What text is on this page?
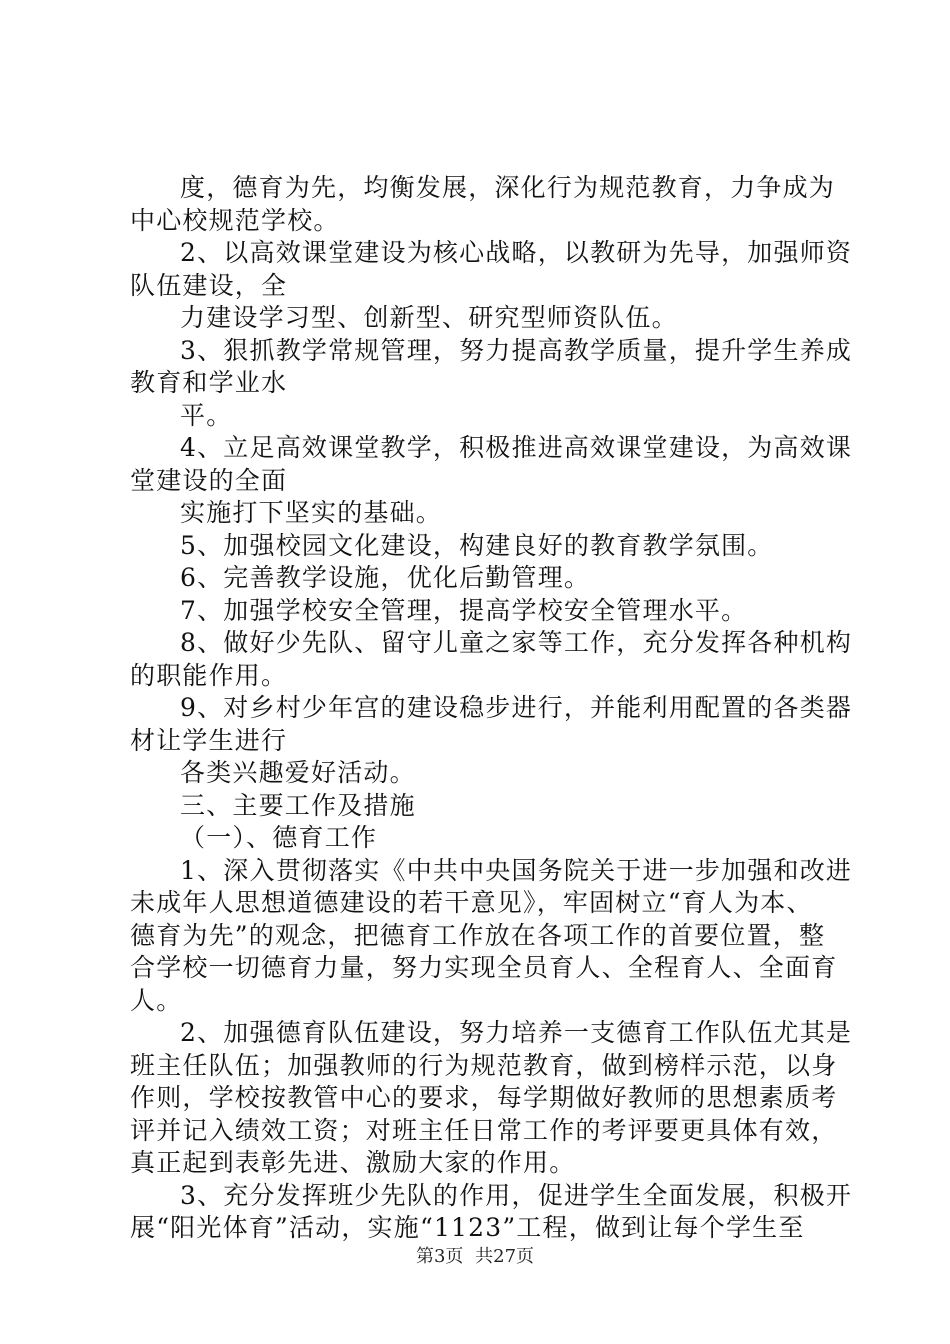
度，德育为先，均衡发展，深化行为规范教育，力争成为
中心校规范学校。
2、以高效课堂建设为核心战略，以教研为先导，加强师资
队伍建设，全
力建设学习型、创新型、研究型师资队伍。
3、狠抓教学常规管理，努力提高教学质量，提升学生养成
教育和学业水
平。
4、立足高效课堂教学，积极推进高效课堂建设，为高效课
堂建设的全面
实施打下坚实的基础。
5、加强校园文化建设，构建良好的教育教学氛围。
6、完善教学设施，优化后勤管理。
7、加强学校安全管理，提高学校安全管理水平。
8、做好少先队、留守儿童之家等工作，充分发挥各种机构
的职能作用。
9、对乡村少年宫的建设稳步进行，并能利用配置的各类器
材让学生进行
各类兴趣爱好活动。
三、主要工作及措施
（一）、德育工作
1、深入贯彻落实《中共中央国务院关于进一步加强和改进
未成年人思想道德建设的若干意见》，牢固树立“育人为本、
德育为先”的观念，把德育工作放在各项工作的首要位置，整
合学校一切德育力量，努力实现全员育人、全程育人、全面育
人。
2、加强德育队伍建设，努力培养一支德育工作队伍尤其是
班主任队伍；加强教师的行为规范教育，做到榜样示范，以身
作则，学校按教管中心的要求，每学期做好教师的思想素质考
评并记入绩效工资；对班主任日常工作的考评要更具体有效，
真正起到表彰先进、激励大家的作用。
3、充分发挥班少先队的作用，促进学生全面发展，积极开
展“阳光体育”活动，实施“1123”工程，做到让每个学生至
第3页 共27页
